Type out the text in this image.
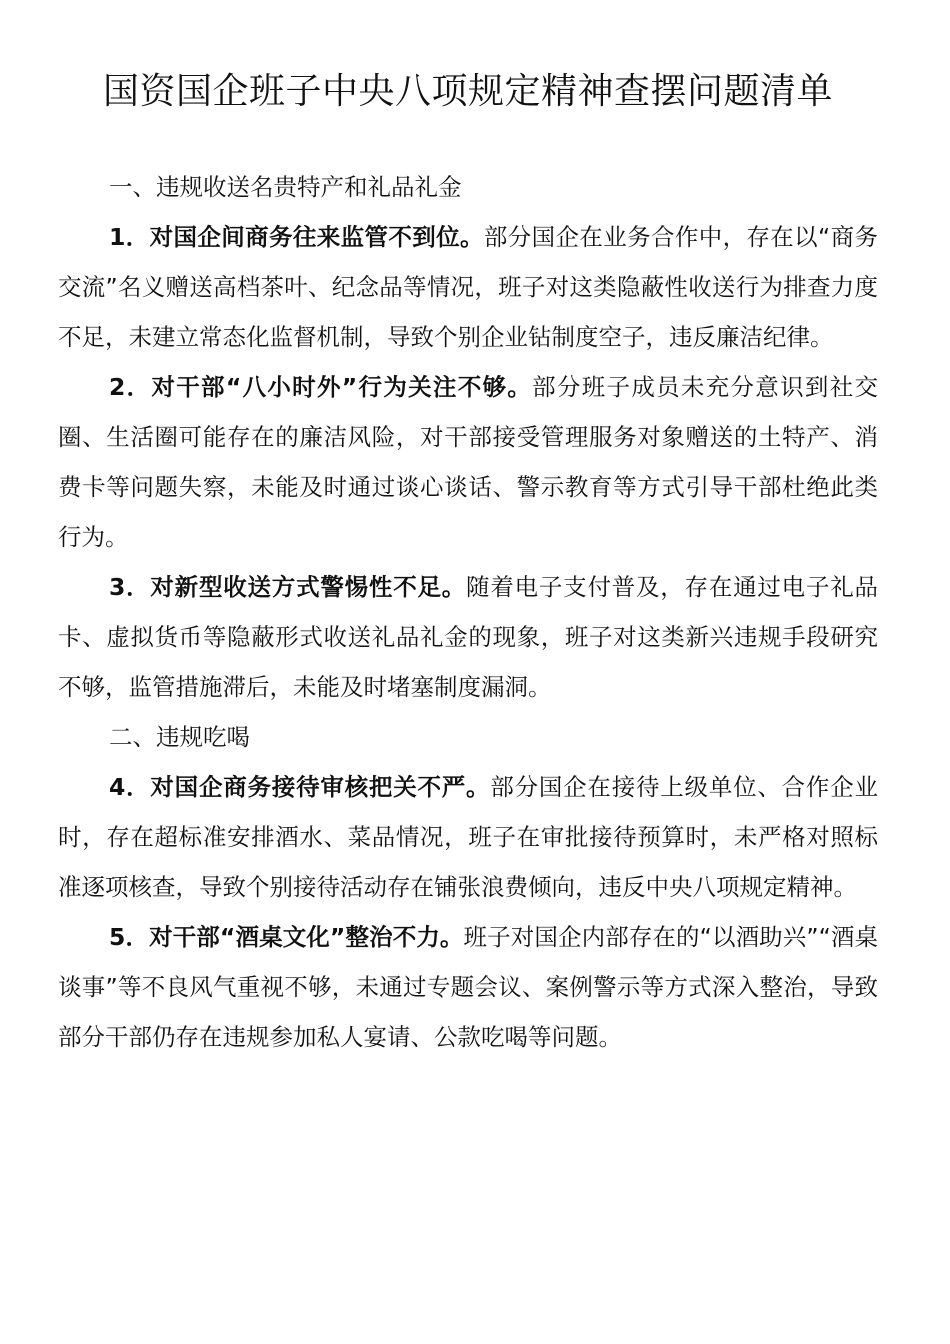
国资国企班子中央八项规定精神查摆问题清单

一、违规收送名贵特产和礼品礼金

1．对国企间商务往来监管不到位。部分国企在业务合作中，存在以“商务交流”名义赠送高档茶叶、纪念品等情况，班子对这类隐蔽性收送行为排查力度不足，未建立常态化监督机制，导致个别企业钻制度空子，违反廉洁纪律。

2．对干部“八小时外”行为关注不够。部分班子成员未充分意识到社交圈、生活圈可能存在的廉洁风险，对干部接受管理服务对象赠送的土特产、消费卡等问题失察，未能及时通过谈心谈话、警示教育等方式引导干部杜绝此类行为。

3．对新型收送方式警惕性不足。随着电子支付普及，存在通过电子礼品卡、虚拟货币等隐蔽形式收送礼品礼金的现象，班子对这类新兴违规手段研究不够，监管措施滞后，未能及时堵塞制度漏洞。

二、违规吃喝

4．对国企商务接待审核把关不严。部分国企在接待上级单位、合作企业时，存在超标准安排酒水、菜品情况，班子在审批接待预算时，未严格对照标准逐项核查，导致个别接待活动存在铺张浪费倾向，违反中央八项规定精神。

5．对干部“酒桌文化”整治不力。班子对国企内部存在的“以酒助兴”“酒桌谈事”等不良风气重视不够，未通过专题会议、案例警示等方式深入整治，导致部分干部仍存在违规参加私人宴请、公款吃喝等问题。
